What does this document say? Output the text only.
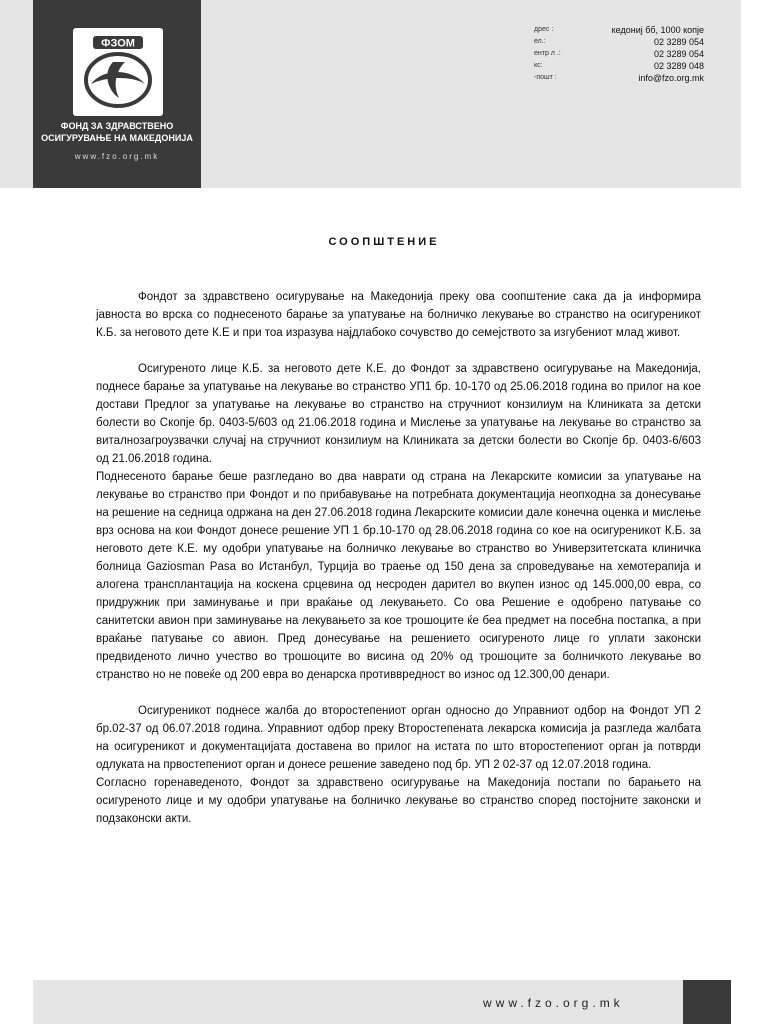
ФЗОМ
ФОНД ЗА ЗДРАВСТВЕНО
ОСИГУРУВАЊЕ НА МАКЕДОНИЈА
www.fzo.org.mk
дрес :	кедониј бб, 1000 копје
ел.:	02 3289 054
ентр л .:	02 3289 054
кс:	02 3289 048
-пошт :	info@fzo.org.mk
СООПШТЕНИЕ

Фондот за здравствено осигурување на Македонија преку ова соопштение сака да ја информира јавноста во врска со поднесеното барање за упатување на болничко лекување во странство на осигуреникот К.Б. за неговото дете К.Е и при тоа изразува најдлабоко сочувство до семејството за изгубениот млад живот.

Осигуреното лице К.Б. за неговото дете К.Е. до Фондот за здравствено осигурување на Македонија, поднесе барање за упатување на лекување во странство УП1 бр. 10-170 од 25.06.2018 година во прилог на кое достави Предлог за упатување на лекување во странство на стручниот конзилиум на Клиниката за детски болести во Скопје бр. 0403-5/603 од 21.06.2018 година и Мислење за упатување на лекување во странство за виталнозагроузвачки случај на стручниот конзилиум на Клиниката за детски болести во Скопје бр. 0403-6/603 од 21.06.2018 година.

Поднесеното барање беше разгледано во два наврати од страна на Лекарските комисии за упатување на лекување во странство при Фондот и по прибавување на потребната документација неопходна за донесување на решение на седница одржана на ден 27.06.2018 година Лекарските комисии дале конечна оценка и мислење врз основа на кои Фондот донесе решение УП 1 бр.10-170 од 28.06.2018 година со кое на осигуреникот К.Б. за неговото дете К.Е. му одобри упатување на болничко лекување во странство во Универзитетската клиничка болница Gaziosman Pasa во Истанбул, Турција во траење од 150 дена за спроведување на хемотерапија и алогена трансплантација на коскена срцевина од несроден дарител во вкупен износ од 145.000,00 евра, со придружник при заминување и при враќање од лекувањето. Со ова Решение е одобрено патување со санитетски авион при заминување на лекувањето за кое трошоците ќе беа предмет на посебна постапка, а при враќање патување со авион. Пред донесување на решението осигуреното лице го уплати законски предвиденото лично учество во трошоците во висина од 20% од трошоците за болничкото лекување во странство но не повеќе од 200 евра во денарска противвредност во износ од 12.300,00 денари.

Осигуреникот поднесе жалба до второстепениот орган односно до Управниот одбор на Фондот УП 2 бр.02-37 од 06.07.2018 година. Управниот одбор преку Второстепената лекарска комисија ја разгледа жалбата на осигуреникот и документацијата доставена во прилог на истата по што второстепениот орган ја потврди одлуката на првостепениот орган и донесе решение заведено под бр. УП 2 02-37 од 12.07.2018 година.

Согласно горенаведеното, Фондот за здравствено осигурување на Македонија постапи по барањето на осигуреното лице и му одобри упатување на болничко лекување во странство според постојните законски и подзаконски акти.

www.fzo.org.mk
